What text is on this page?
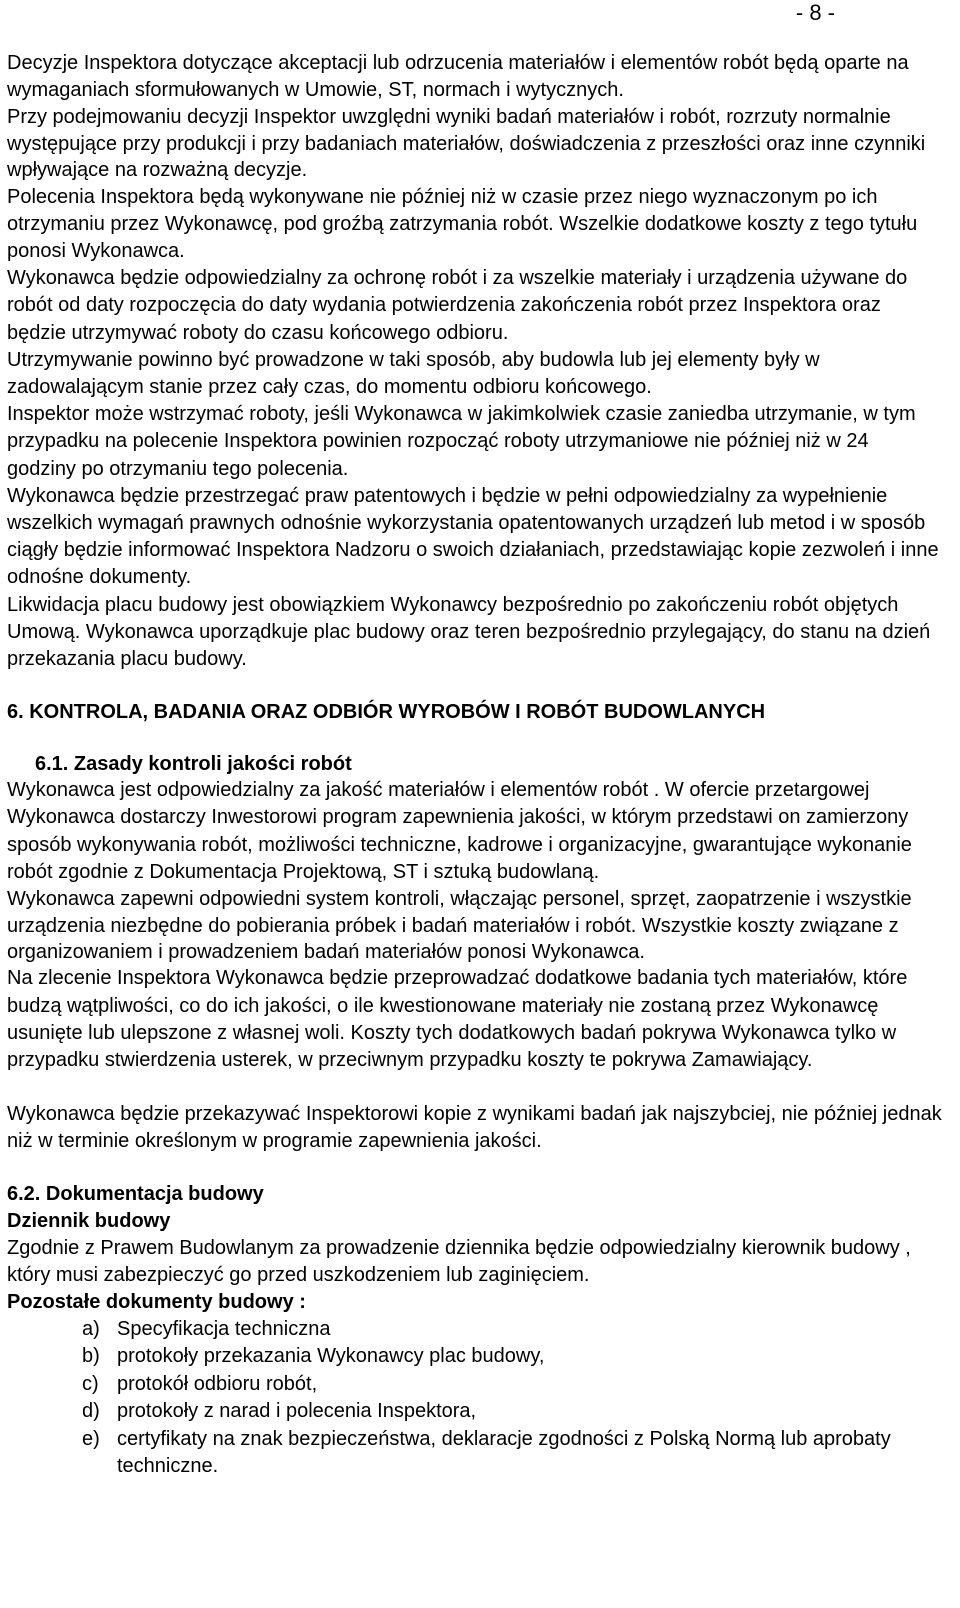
- 8 -

Decyzje Inspektora dotyczące akceptacji lub odrzucenia materiałów i elementów robót będą oparte na wymaganiach sformułowanych w Umowie, ST, normach i wytycznych.

Przy podejmowaniu decyzji Inspektor uwzględni wyniki badań materiałów i robót, rozrzuty normalnie występujące przy produkcji i przy badaniach materiałów, doświadczenia z przeszłości oraz inne czynniki wpływające na rozważną decyzje.

Polecenia Inspektora będą wykonywane nie później niż w czasie przez niego wyznaczonym po ich otrzymaniu przez Wykonawcę, pod groźbą zatrzymania robót. Wszelkie dodatkowe koszty z tego tytułu ponosi Wykonawca.

Wykonawca będzie odpowiedzialny za ochronę robót i za wszelkie materiały i urządzenia używane do robót od daty rozpoczęcia do daty wydania potwierdzenia zakończenia robót przez Inspektora oraz będzie utrzymywać roboty do czasu końcowego odbioru.

Utrzymywanie powinno być prowadzone w taki sposób, aby budowla lub jej elementy były w zadowalającym stanie przez cały czas, do momentu odbioru końcowego.

Inspektor może wstrzymać roboty, jeśli Wykonawca w jakimkolwiek czasie zaniedba utrzymanie, w tym przypadku na polecenie Inspektora powinien rozpocząć roboty utrzymaniowe nie później niż w 24 godziny po otrzymaniu tego polecenia.

Wykonawca będzie przestrzegać praw patentowych i będzie w pełni odpowiedzialny za wypełnienie wszelkich wymagań prawnych odnośnie wykorzystania opatentowanych urządzeń lub metod i w sposób ciągły będzie informować Inspektora Nadzoru o swoich działaniach, przedstawiając kopie zezwoleń i inne odnośne dokumenty.

Likwidacja placu budowy jest obowiązkiem Wykonawcy bezpośrednio po zakończeniu robót objętych Umową. Wykonawca uporządkuje plac budowy oraz teren bezpośrednio przylegający, do stanu na dzień przekazania placu budowy.

6. KONTROLA, BADANIA ORAZ ODBIÓR WYROBÓW I ROBÓT BUDOWLANYCH
6.1. Zasady kontroli jakości robót

Wykonawca jest odpowiedzialny za jakość materiałów i elementów robót . W ofercie przetargowej Wykonawca dostarczy Inwestorowi program zapewnienia jakości, w którym przedstawi on zamierzony sposób wykonywania robót, możliwości techniczne, kadrowe i organizacyjne, gwarantujące wykonanie robót zgodnie z Dokumentacja Projektową, ST i sztuką budowlaną.

Wykonawca zapewni odpowiedni system kontroli, włączając personel, sprzęt, zaopatrzenie i wszystkie urządzenia niezbędne do pobierania próbek i badań materiałów i robót. Wszystkie koszty związane z organizowaniem i prowadzeniem badań materiałów ponosi Wykonawca.

Na zlecenie Inspektora Wykonawca będzie przeprowadzać dodatkowe badania tych materiałów, które budzą wątpliwości, co do ich jakości, o ile kwestionowane materiały nie zostaną przez Wykonawcę usunięte lub ulepszone z własnej woli. Koszty tych dodatkowych badań pokrywa Wykonawca tylko w przypadku stwierdzenia usterek, w przeciwnym przypadku koszty te pokrywa Zamawiający.

Wykonawca będzie przekazywać Inspektorowi kopie z wynikami badań jak najszybciej, nie później jednak niż w terminie określonym w programie zapewnienia jakości.

6.2. Dokumentacja budowy
Dziennik budowy

Zgodnie z Prawem Budowlanym za prowadzenie dziennika będzie odpowiedzialny kierownik budowy , który musi zabezpieczyć go przed uszkodzeniem lub zaginięciem.

Pozostałe dokumenty budowy :
a) Specyfikacja techniczna
b) protokoły przekazania Wykonawcy plac budowy,
c) protokół odbioru robót,
d) protokoły z narad i polecenia Inspektora,
e) certyfikaty na znak bezpieczeństwa, deklaracje zgodności z Polską Normą lub aprobaty techniczne.
